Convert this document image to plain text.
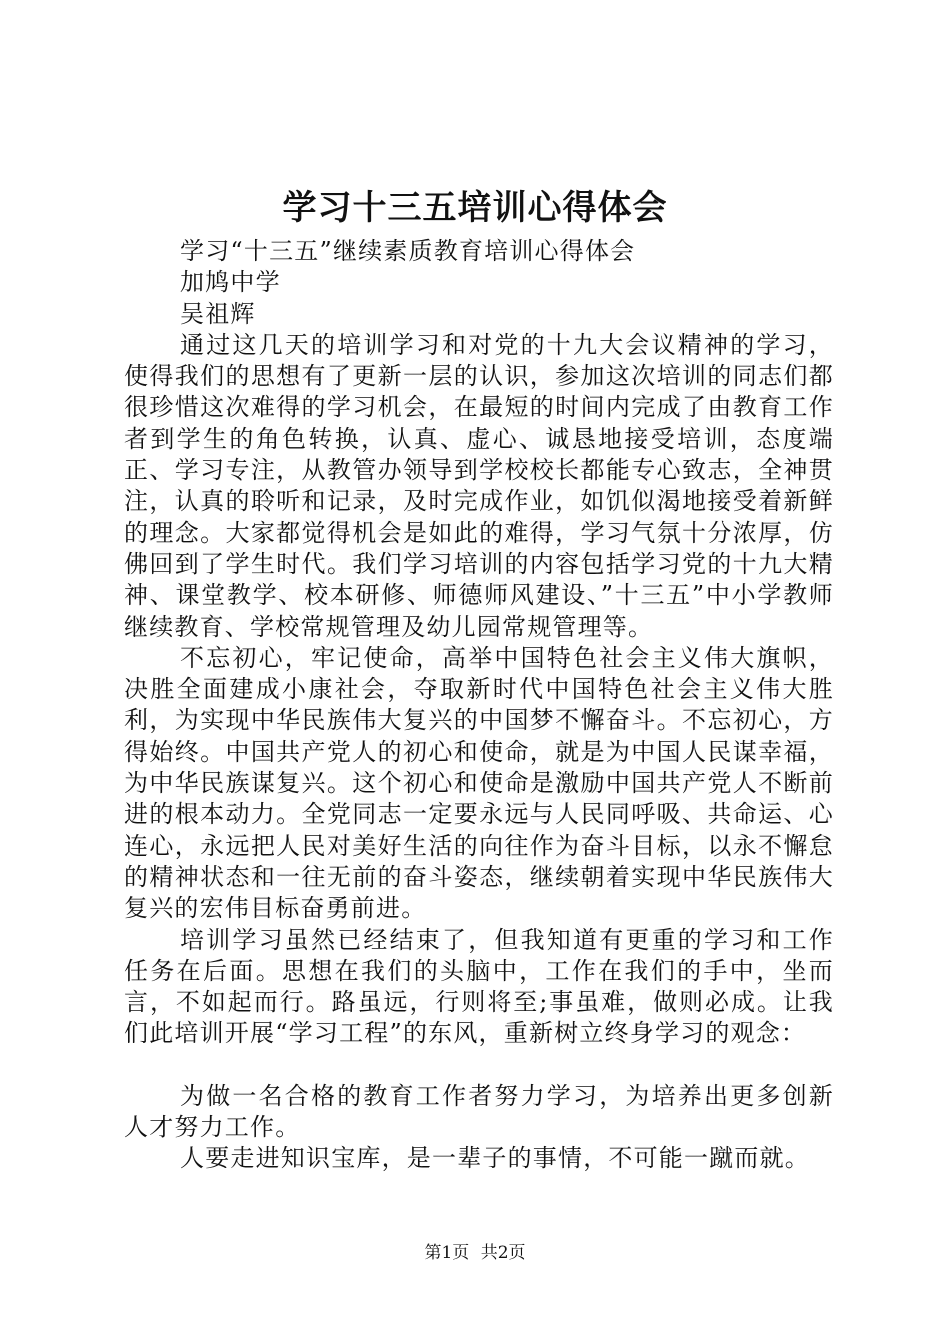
学习十三五培训心得体会

学习“十三五”继续素质教育培训心得体会

加鸠中学

吴祖辉

通过这几天的培训学习和对党的十九大会议精神的学习，使得我们的思想有了更新一层的认识，参加这次培训的同志们都很珍惜这次难得的学习机会，在最短的时间内完成了由教育工作者到学生的角色转换，认真、虚心、诚恳地接受培训，态度端正、学习专注，从教管办领导到学校校长都能专心致志，全神贯注，认真的聆听和记录，及时完成作业，如饥似渴地接受着新鲜的理念。大家都觉得机会是如此的难得，学习气氛十分浓厚，仿佛回到了学生时代。我们学习培训的内容包括学习党的十九大精神、课堂教学、校本研修、师德师风建设、”十三五”中小学教师继续教育、学校常规管理及幼儿园常规管理等。

不忘初心，牢记使命，高举中国特色社会主义伟大旗帜，决胜全面建成小康社会，夺取新时代中国特色社会主义伟大胜利，为实现中华民族伟大复兴的中国梦不懈奋斗。不忘初心，方得始终。中国共产党人的初心和使命，就是为中国人民谋幸福，为中华民族谋复兴。这个初心和使命是激励中国共产党人不断前进的根本动力。全党同志一定要永远与人民同呼吸、共命运、心连心，永远把人民对美好生活的向往作为奋斗目标，以永不懈怠的精神状态和一往无前的奋斗姿态，继续朝着实现中华民族伟大复兴的宏伟目标奋勇前进。

培训学习虽然已经结束了，但我知道有更重的学习和工作任务在后面。思想在我们的头脑中，工作在我们的手中，坐而言，不如起而行。路虽远，行则将至;事虽难，做则必成。让我们此培训开展“学习工程”的东风，重新树立终身学习的观念：

为做一名合格的教育工作者努力学习，为培养出更多创新人才努力工作。

人要走进知识宝库，是一辈子的事情，不可能一蹴而就。

第1页 共2页
